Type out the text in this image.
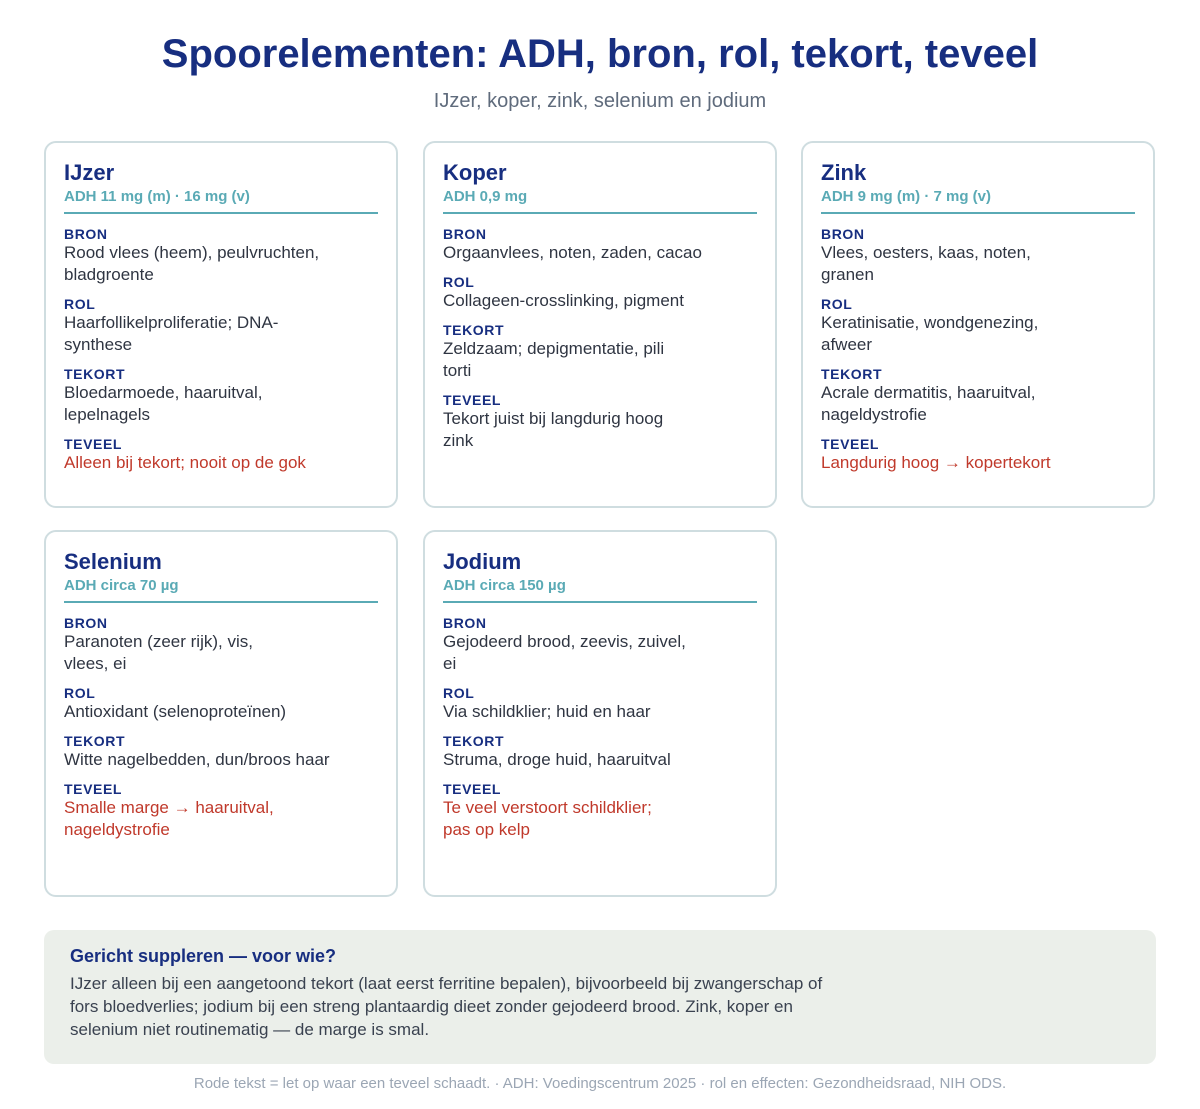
Spoorelementen: ADH, bron, rol, tekort, teveel
IJzer, koper, zink, selenium en jodium
IJzer
ADH 11 mg (m) · 16 mg (v)
BRON
Rood vlees (heem), peulvruchten, bladgroente
ROL
Haarfollikelproliferatie; DNA-synthese
TEKORT
Bloedarmoede, haaruitval, lepelnagels
TEVEEL
Alleen bij tekort; nooit op de gok
Koper
ADH 0,9 mg
BRON
Orgaanvlees, noten, zaden, cacao
ROL
Collageen-crosslinking, pigment
TEKORT
Zeldzaam; depigmentatie, pili torti
TEVEEL
Tekort juist bij langdurig hoog zink
Zink
ADH 9 mg (m) · 7 mg (v)
BRON
Vlees, oesters, kaas, noten, granen
ROL
Keratinisatie, wondgenezing, afweer
TEKORT
Acrale dermatitis, haaruitval, nageldystrofie
TEVEEL
Langdurig hoog → kopertekort
Selenium
ADH circa 70 µg
BRON
Paranoten (zeer rijk), vis, vlees, ei
ROL
Antioxidant (selenoproteïnen)
TEKORT
Witte nagelbedden, dun/broos haar
TEVEEL
Smalle marge → haaruitval, nageldystrofie
Jodium
ADH circa 150 µg
BRON
Gejodeerd brood, zeevis, zuivel, ei
ROL
Via schildklier; huid en haar
TEKORT
Struma, droge huid, haaruitval
TEVEEL
Te veel verstoort schildklier; pas op kelp
Gericht suppleren — voor wie?
IJzer alleen bij een aangetoond tekort (laat eerst ferritine bepalen), bijvoorbeeld bij zwangerschap of fors bloedverlies; jodium bij een streng plantaardig dieet zonder gejodeerd brood. Zink, koper en selenium niet routinematig — de marge is smal.
Rode tekst = let op waar een teveel schaadt. · ADH: Voedingscentrum 2025 · rol en effecten: Gezondheidsraad, NIH ODS.
